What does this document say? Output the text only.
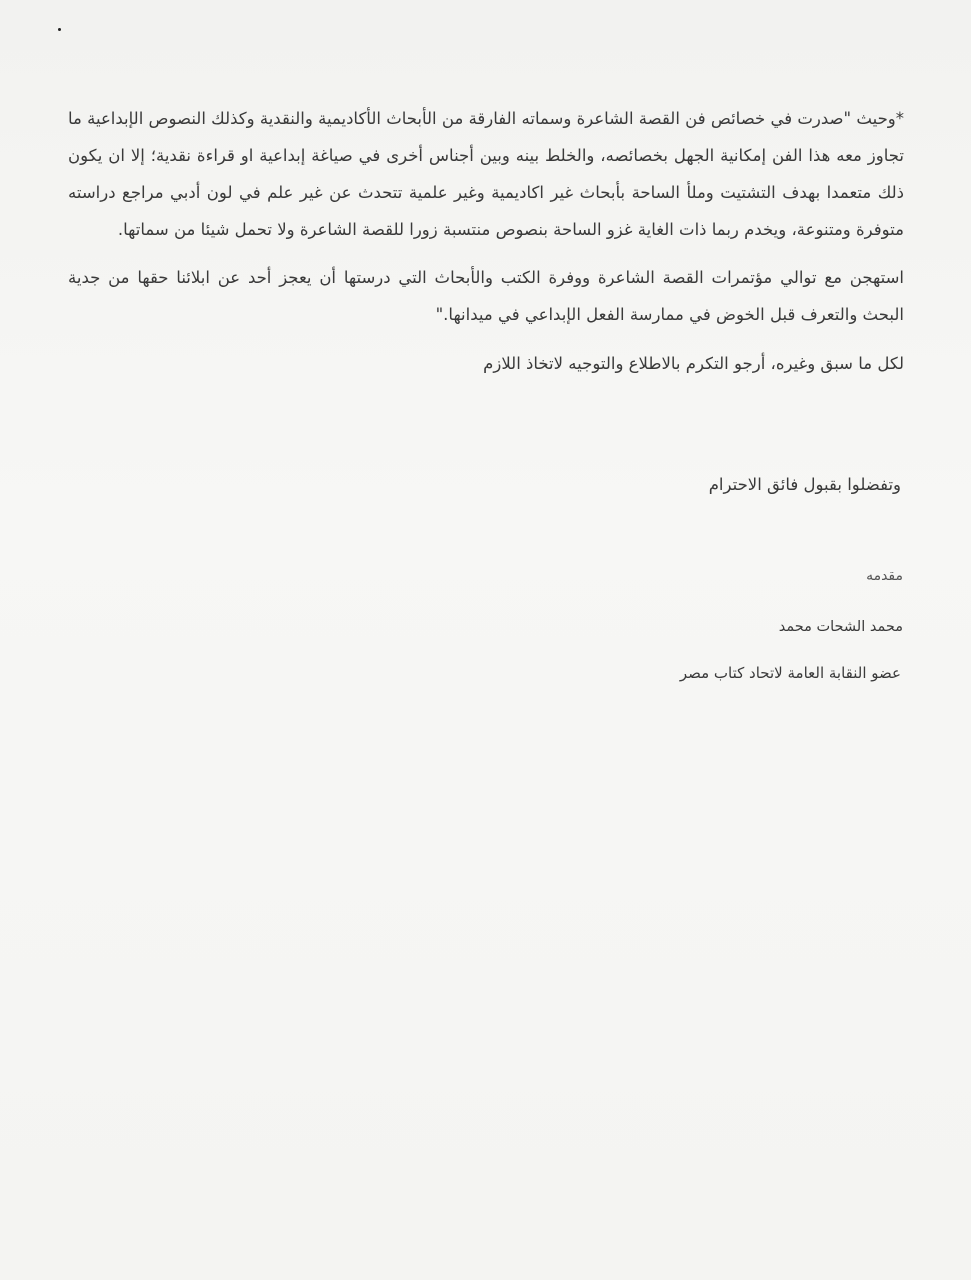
*وحيث "صدرت في خصائص فن القصة الشاعرة وسماته الفارقة من الأبحاث الأكاديمية والنقدية وكذلك النصوص الإبداعية ما تجاوز معه هذا الفن إمكانية الجهل بخصائصه، والخلط بينه وبين أجناس أخرى في صياغة إبداعية او قراءة نقدية؛ إلا ان يكون ذلك متعمدا بهدف التشتيت وملأ الساحة بأبحاث غير اكاديمية وغير علمية تتحدث عن غير علم في لون أدبي مراجع دراسته متوفرة ومتنوعة، ويخدم ربما ذات الغاية غزو الساحة بنصوص منتسبة زورا للقصة الشاعرة ولا تحمل شيئا من سماتها.

استهجن مع توالي مؤتمرات القصة الشاعرة ووفرة الكتب والأبحاث التي درستها أن يعجز أحد عن ابلائنا حقها من جدية البحث والتعرف قبل الخوض في ممارسة الفعل الإبداعي في ميدانها."

لكل ما سبق وغيره، أرجو التكرم بالاطلاع والتوجيه لاتخاذ اللازم

وتفضلوا بقبول فائق الاحترام
مقدمه
محمد الشحات محمد
عضو النقابة العامة لاتحاد كتاب مصر
